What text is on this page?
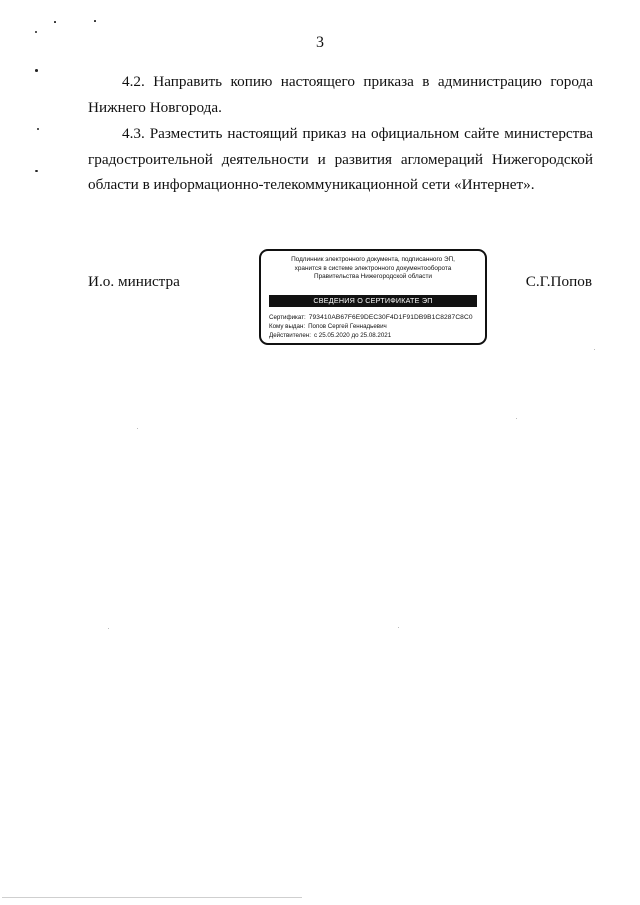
3

4.2. Направить копию настоящего приказа в администрацию города Нижнего Новгорода.

4.3. Разместить настоящий приказ на официальном сайте министерства градостроительной деятельности и развития агломераций Нижегородской области в информационно-телекоммуникационной сети «Интернет».

И.о. министра	С.Г.Попов
Подлинник электронного документа, подписанного ЭП,
хранится в системе электронного документооборота
Правительства Нижегородской области
СВЕДЕНИЯ О СЕРТИФИКАТЕ ЭП
Сертификат: 793410AB67F6E9DEC30F4D1F91DB9B1C8287C8C0
Кому выдан: Попов Сергей Геннадьевич
Действителен: с 25.05.2020 до 25.08.2021
